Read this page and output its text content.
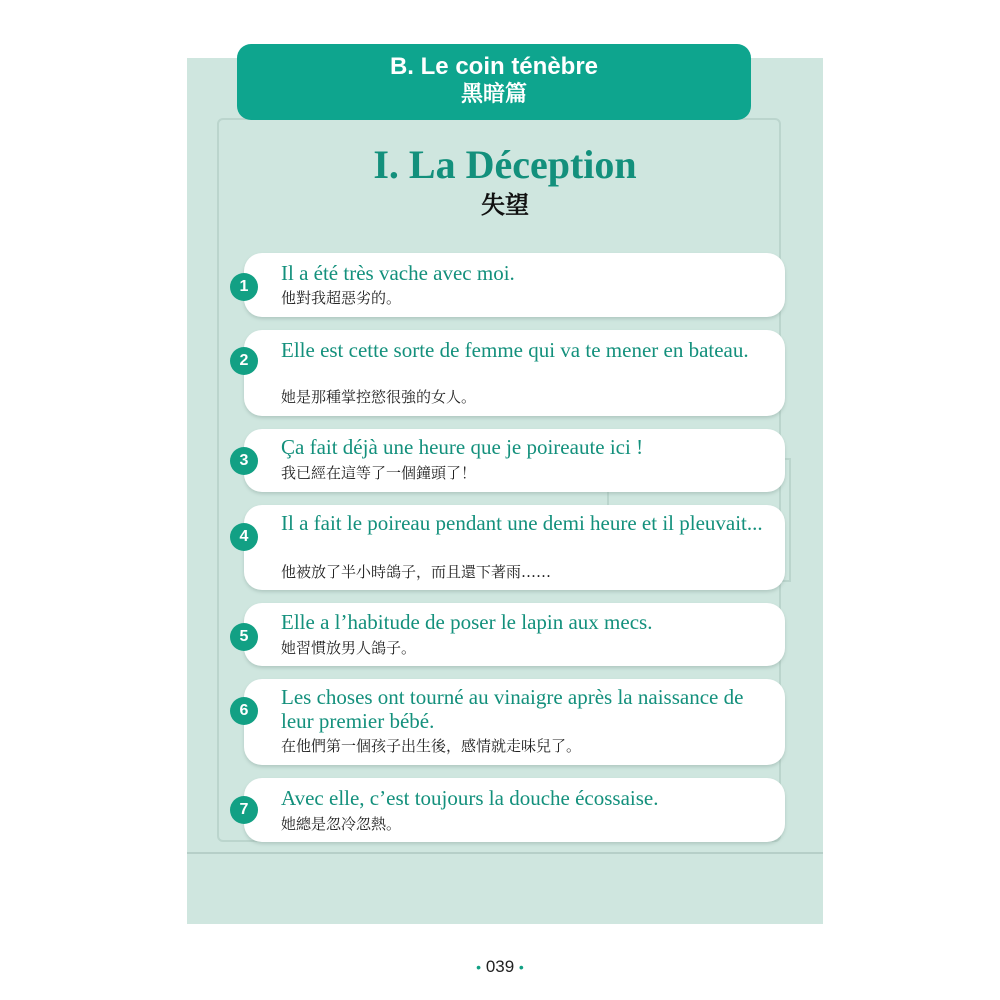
B. Le coin ténèbre
黑暗篇
I. La Déception
失望
1
Il a été très vache avec moi.
他對我超惡劣的。
2	Elle est cette sorte de femme qui va te mener en bateau.
她是那種掌控慾很強的女人。
3
Ça fait déjà une heure que je poireaute ici !
我已經在這等了一個鐘頭了！
4
Il a fait le poireau pendant une demi heure et il pleuvait...
他被放了半小時鴿子，而且還下著雨……
5
Elle a l’habitude de poser le lapin aux mecs.
她習慣放男人鴿子。
6
Les choses ont tourné au vinaigre après la naissance de leur premier bébé.
在他們第一個孩子出生後，感情就走味兒了。
7	Avec elle, c’est toujours la douche écossaise.
她總是忽冷忽熱。
• 039 •
